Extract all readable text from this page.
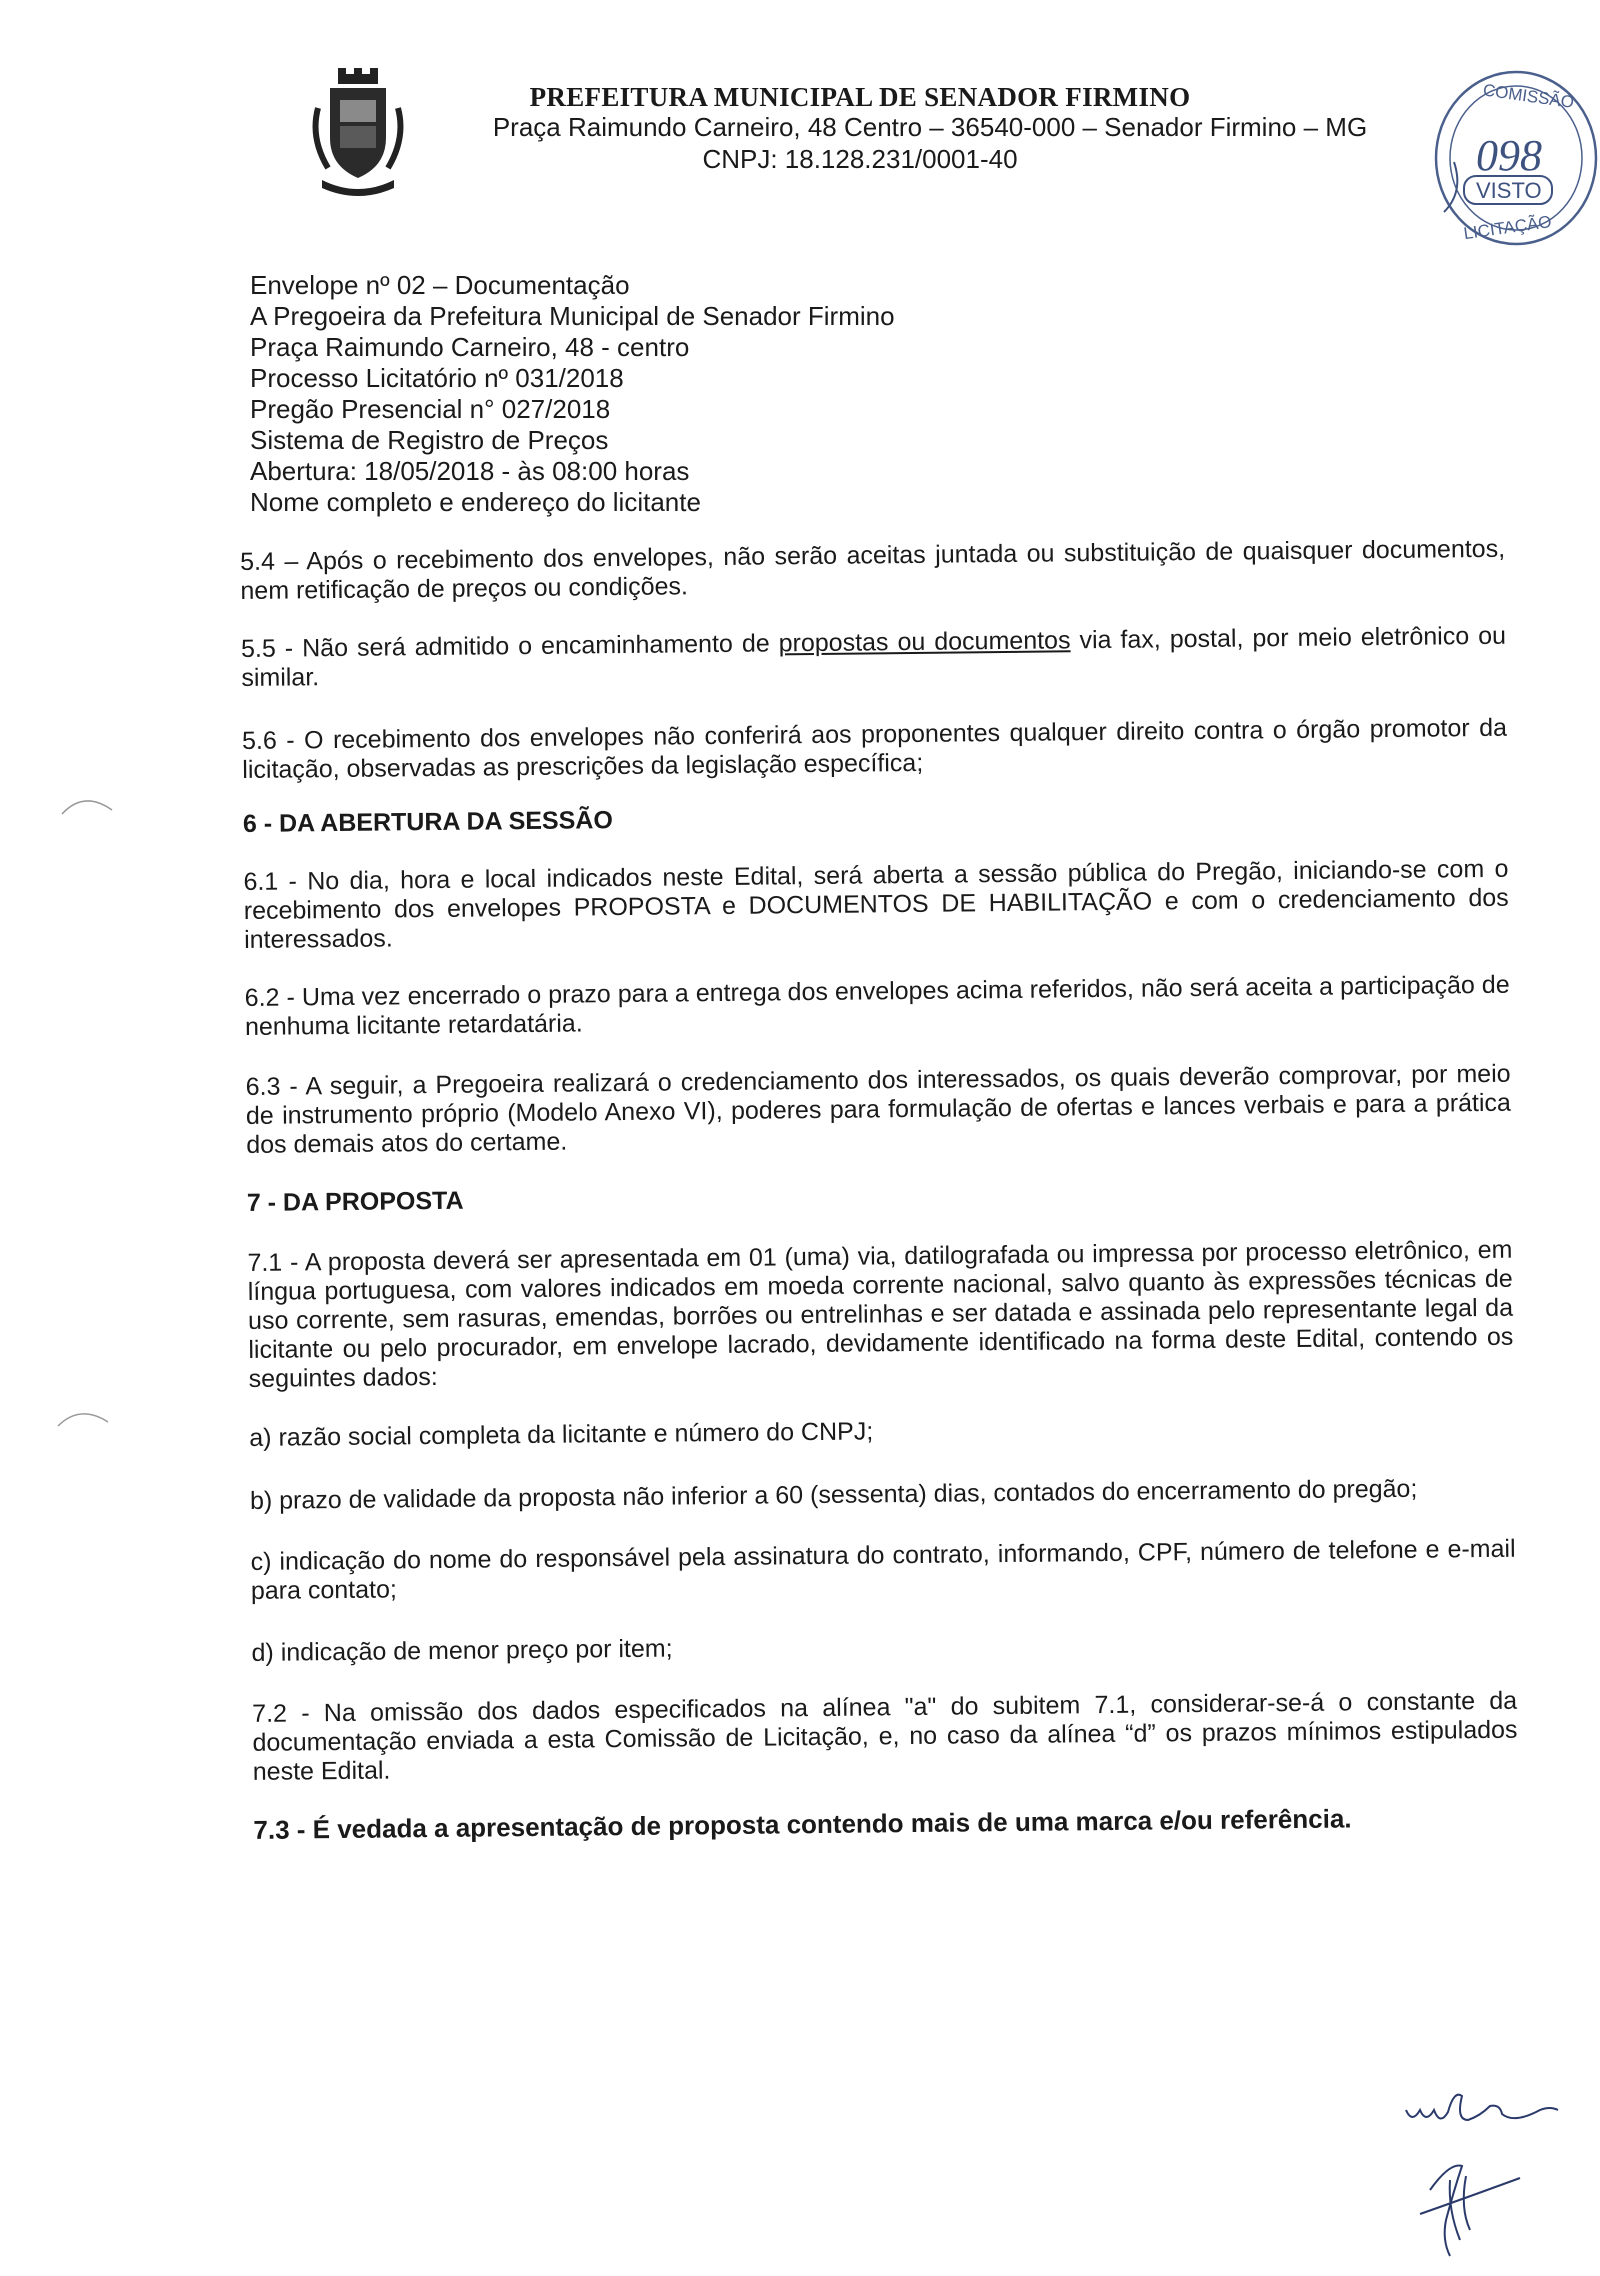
PREFEITURA MUNICIPAL DE SENADOR FIRMINO
Praça Raimundo Carneiro, 48 Centro – 36540-000 – Senador Firmino – MG
CNPJ: 18.128.231/0001-40
COMISSÃO
098
VISTO
LICITAÇÃO
Envelope nº 02 – Documentação
A Pregoeira da Prefeitura Municipal de Senador Firmino
Praça Raimundo Carneiro, 48 - centro
Processo Licitatório nº 031/2018
Pregão Presencial n° 027/2018
Sistema de Registro de Preços
Abertura: 18/05/2018 - às 08:00 horas
Nome completo e endereço do licitante

5.4 – Após o recebimento dos envelopes, não serão aceitas juntada ou substituição de quaisquer documentos, nem retificação de preços ou condições.

5.5 - Não será admitido o encaminhamento de propostas ou documentos via fax, postal, por meio eletrônico ou similar.

5.6 - O recebimento dos envelopes não conferirá aos proponentes qualquer direito contra o órgão promotor da licitação, observadas as prescrições da legislação específica;

6 - DA ABERTURA DA SESSÃO

6.1 - No dia, hora e local indicados neste Edital, será aberta a sessão pública do Pregão, iniciando-se com o recebimento dos envelopes PROPOSTA e DOCUMENTOS DE HABILITAÇÃO e com o credenciamento dos interessados.

6.2 - Uma vez encerrado o prazo para a entrega dos envelopes acima referidos, não será aceita a participação de nenhuma licitante retardatária.

6.3 - A seguir, a Pregoeira realizará o credenciamento dos interessados, os quais deverão comprovar, por meio de instrumento próprio (Modelo Anexo VI), poderes para formulação de ofertas e lances verbais e para a prática dos demais atos do certame.

7 - DA PROPOSTA

7.1 - A proposta deverá ser apresentada em 01 (uma) via, datilografada ou impressa por processo eletrônico, em língua portuguesa, com valores indicados em moeda corrente nacional, salvo quanto às expressões técnicas de uso corrente, sem rasuras, emendas, borrões ou entrelinhas e ser datada e assinada pelo representante legal da licitante ou pelo procurador, em envelope lacrado, devidamente identificado na forma deste Edital, contendo os seguintes dados:

a) razão social completa da licitante e número do CNPJ;

b) prazo de validade da proposta não inferior a 60 (sessenta) dias, contados do encerramento do pregão;

c) indicação do nome do responsável pela assinatura do contrato, informando, CPF, número de telefone e e-mail para contato;

d) indicação de menor preço por item;

7.2 - Na omissão dos dados especificados na alínea "a" do subitem 7.1, considerar-se-á o constante da documentação enviada a esta Comissão de Licitação, e, no caso da alínea “d” os prazos mínimos estipulados neste Edital.

7.3 - É vedada a apresentação de proposta contendo mais de uma marca e/ou referência.
